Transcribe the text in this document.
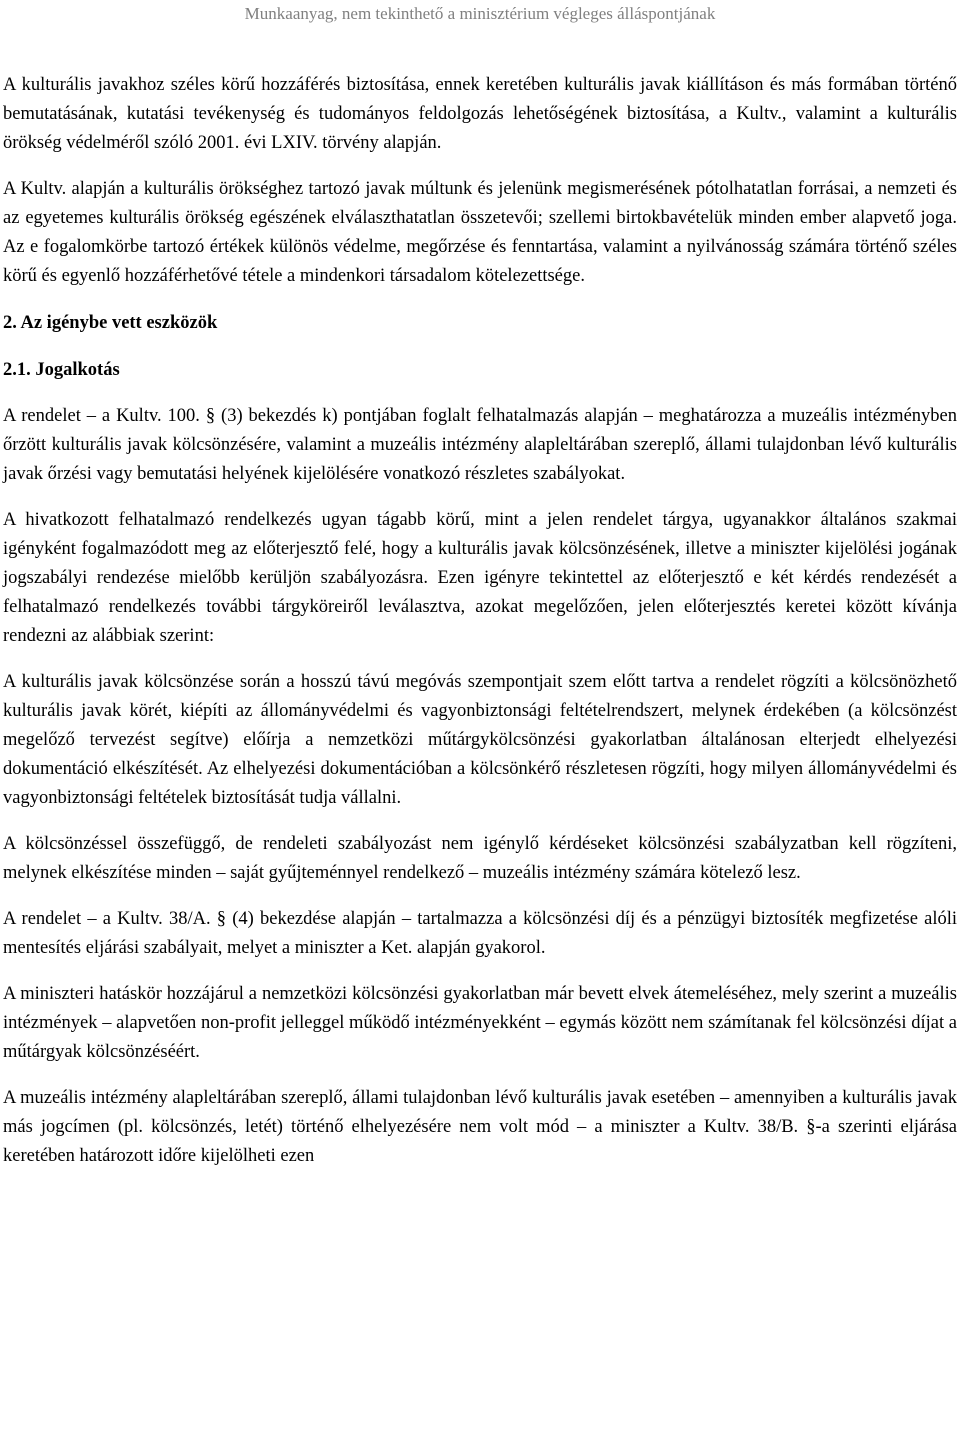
Munkaanyag, nem tekinthető a minisztérium végleges álláspontjának

A kulturális javakhoz széles körű hozzáférés biztosítása, ennek keretében kulturális javak kiállításon és más formában történő bemutatásának, kutatási tevékenység és tudományos feldolgozás lehetőségének biztosítása, a Kultv., valamint a kulturális örökség védelméről szóló 2001. évi LXIV. törvény alapján.

A Kultv. alapján a kulturális örökséghez tartozó javak múltunk és jelenünk megismerésének pótolhatatlan forrásai, a nemzeti és az egyetemes kulturális örökség egészének elválaszthatatlan összetevői; szellemi birtokbavételük minden ember alapvető joga. Az e fogalomkörbe tartozó értékek különös védelme, megőrzése és fenntartása, valamint a nyilvánosság számára történő széles körű és egyenlő hozzáférhetővé tétele a mindenkori társadalom kötelezettsége.

2. Az igénybe vett eszközök
2.1. Jogalkotás

A rendelet – a Kultv. 100. § (3) bekezdés k) pontjában foglalt felhatalmazás alapján – meghatározza a muzeális intézményben őrzött kulturális javak kölcsönzésére, valamint a muzeális intézmény alapleltárában szereplő, állami tulajdonban lévő kulturális javak őrzési vagy bemutatási helyének kijelölésére vonatkozó részletes szabályokat.

A hivatkozott felhatalmazó rendelkezés ugyan tágabb körű, mint a jelen rendelet tárgya, ugyanakkor általános szakmai igényként fogalmazódott meg az előterjesztő felé, hogy a kulturális javak kölcsönzésének, illetve a miniszter kijelölési jogának jogszabályi rendezése mielőbb kerüljön szabályozásra. Ezen igényre tekintettel az előterjesztő e két kérdés rendezését a felhatalmazó rendelkezés további tárgyköreiről leválasztva, azokat megelőzően, jelen előterjesztés keretei között kívánja rendezni az alábbiak szerint:

A kulturális javak kölcsönzése során a hosszú távú megóvás szempontjait szem előtt tartva a rendelet rögzíti a kölcsönözhető kulturális javak körét, kiépíti az állományvédelmi és vagyonbiztonsági feltételrendszert, melynek érdekében (a kölcsönzést megelőző tervezést segítve) előírja a nemzetközi műtárgykölcsönzési gyakorlatban általánosan elterjedt elhelyezési dokumentáció elkészítését. Az elhelyezési dokumentációban a kölcsönkérő részletesen rögzíti, hogy milyen állományvédelmi és vagyonbiztonsági feltételek biztosítását tudja vállalni.

A kölcsönzéssel összefüggő, de rendeleti szabályozást nem igénylő kérdéseket kölcsönzési szabályzatban kell rögzíteni, melynek elkészítése minden – saját gyűjteménnyel rendelkező – muzeális intézmény számára kötelező lesz.

A rendelet – a Kultv. 38/A. § (4) bekezdése alapján – tartalmazza a kölcsönzési díj és a pénzügyi biztosíték megfizetése alóli mentesítés eljárási szabályait, melyet a miniszter a Ket. alapján gyakorol.

A miniszteri hatáskör hozzájárul a nemzetközi kölcsönzési gyakorlatban már bevett elvek átemeléséhez, mely szerint a muzeális intézmények – alapvetően non-profit jelleggel működő intézményekként – egymás között nem számítanak fel kölcsönzési díjat a műtárgyak kölcsönzéséért.

A muzeális intézmény alapleltárában szereplő, állami tulajdonban lévő kulturális javak esetében – amennyiben a kulturális javak más jogcímen (pl. kölcsönzés, letét) történő elhelyezésére nem volt mód – a miniszter a Kultv. 38/B. §-a szerinti eljárása keretében határozott időre kijelölheti ezen
